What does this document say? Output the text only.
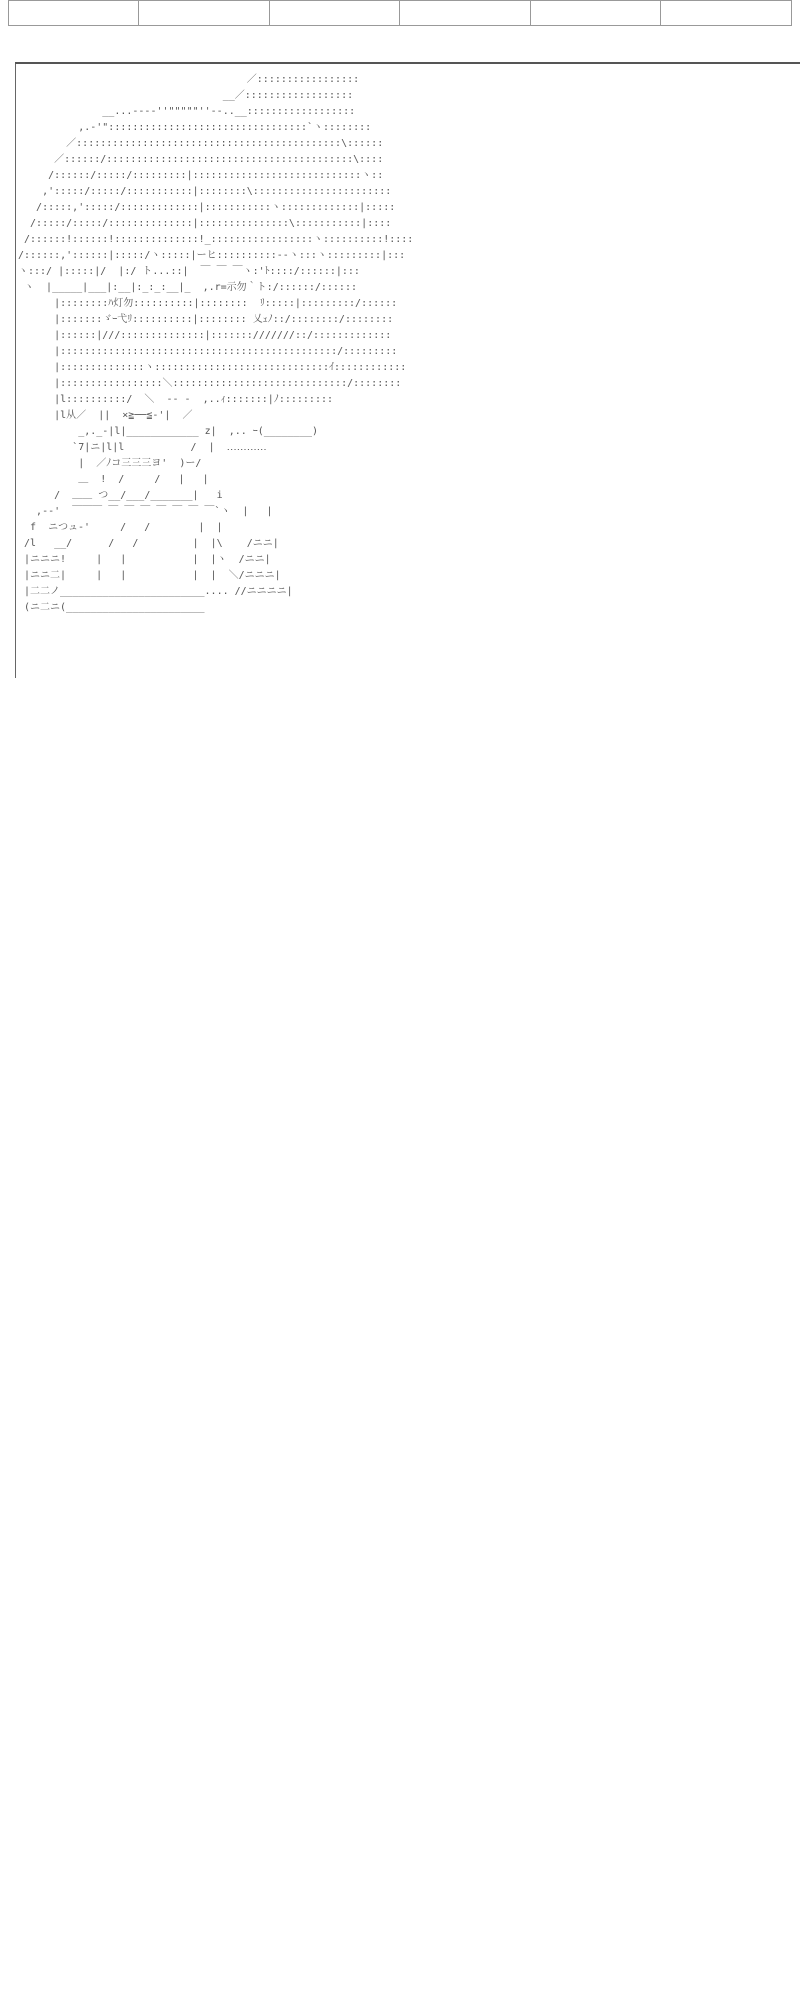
／:::::::::::::::::
__／::::::::::::::::::
__...--‐‐''"""""''‐-..__::::::::::::::::::
,.-'":::::::::::::::::::::::::::::::::`ヽ::::::::
／::::::::::::::::::::::::::::::::::::::::::::\::::::
／::::::/:::::::::::::::::::::::::::::::::::::::::\::::
/::::::/:::::/:::::::::|::::::::::::::::::::::::::::ヽ::
,':::::/:::::/:::::::::::|::::::::\:::::::::::::::::::::::
/:::::,':::::/:::::::::::::|:::::::::::ヽ:::::::::::::|:::::
/:::::/:::::/::::::::::::::|:::::::::::::::\:::::::::::|::::
/::::::!::::::!::::::::::::::!_:::::::::::::::::ヽ::::::::::!::::
/::::::,'::::::|:::::/ヽ:::::|ーヒ::::::::::--ヽ:::ヽ:::::::::|:::
ヽ:::/ |:::::|/  |:/ ト...::|  ￣ ￣ ￣ヽ:'ﾄ::::/::::::|:::
ヽ  |_____|___|:__|:_:_:__|_  ,.r=示勿｀ト:/::::::/::::::
|::::::::ﾊ灯勿::::::::::|::::::::  ﾘ:::::|:::::::::/::::::
|:::::::ゞｰ弋ﾘ::::::::::|:::::::: 乂ｪﾉ::/::::::::/::::::::
|::::::|///::::::::::::::|:::::::///////::/:::::::::::::
|::::::::::::::::::::::::::::::::::::::::::::::/:::::::::
|::::::::::::::ヽ:::::::::::::::::::::::::::::ｲ::::::::::::
|:::::::::::::::::＼:::::::::::::::::::::::::::::/::::::::
|l::::::::::/  ＼  ‐- ‐  ,..ｨ:::::::|ﾉ:::::::::
|l从／  ||  ×≧──≦-'|  ／
_,._-|l|____________ z|  ,.. ｰ(________)
`7|ニ|l|l           /  |  ‥‥‥‥‥‥
|  ／ﾉコ三三三ヨ'  )ー/
＿  !  /     /   |   |
/  ＿＿ つ__/___/_______|   i
,-‐'  ￣￣￣ ￣ ￣ ￣ ￣ ￣ ￣ ￣`ヽ  |   |
f  ニつュ-'     /   /        |  |
/l   __/      /   /         |  |\    /ニニ|
|ニニニ!     |   |           |  |ヽ  /ニニ|
|ニニ二|     |   |           |  |  ＼/ニニニ|
|二二ノ________________________.... //ニニニニ|
(ニ二ニ(_______________________
